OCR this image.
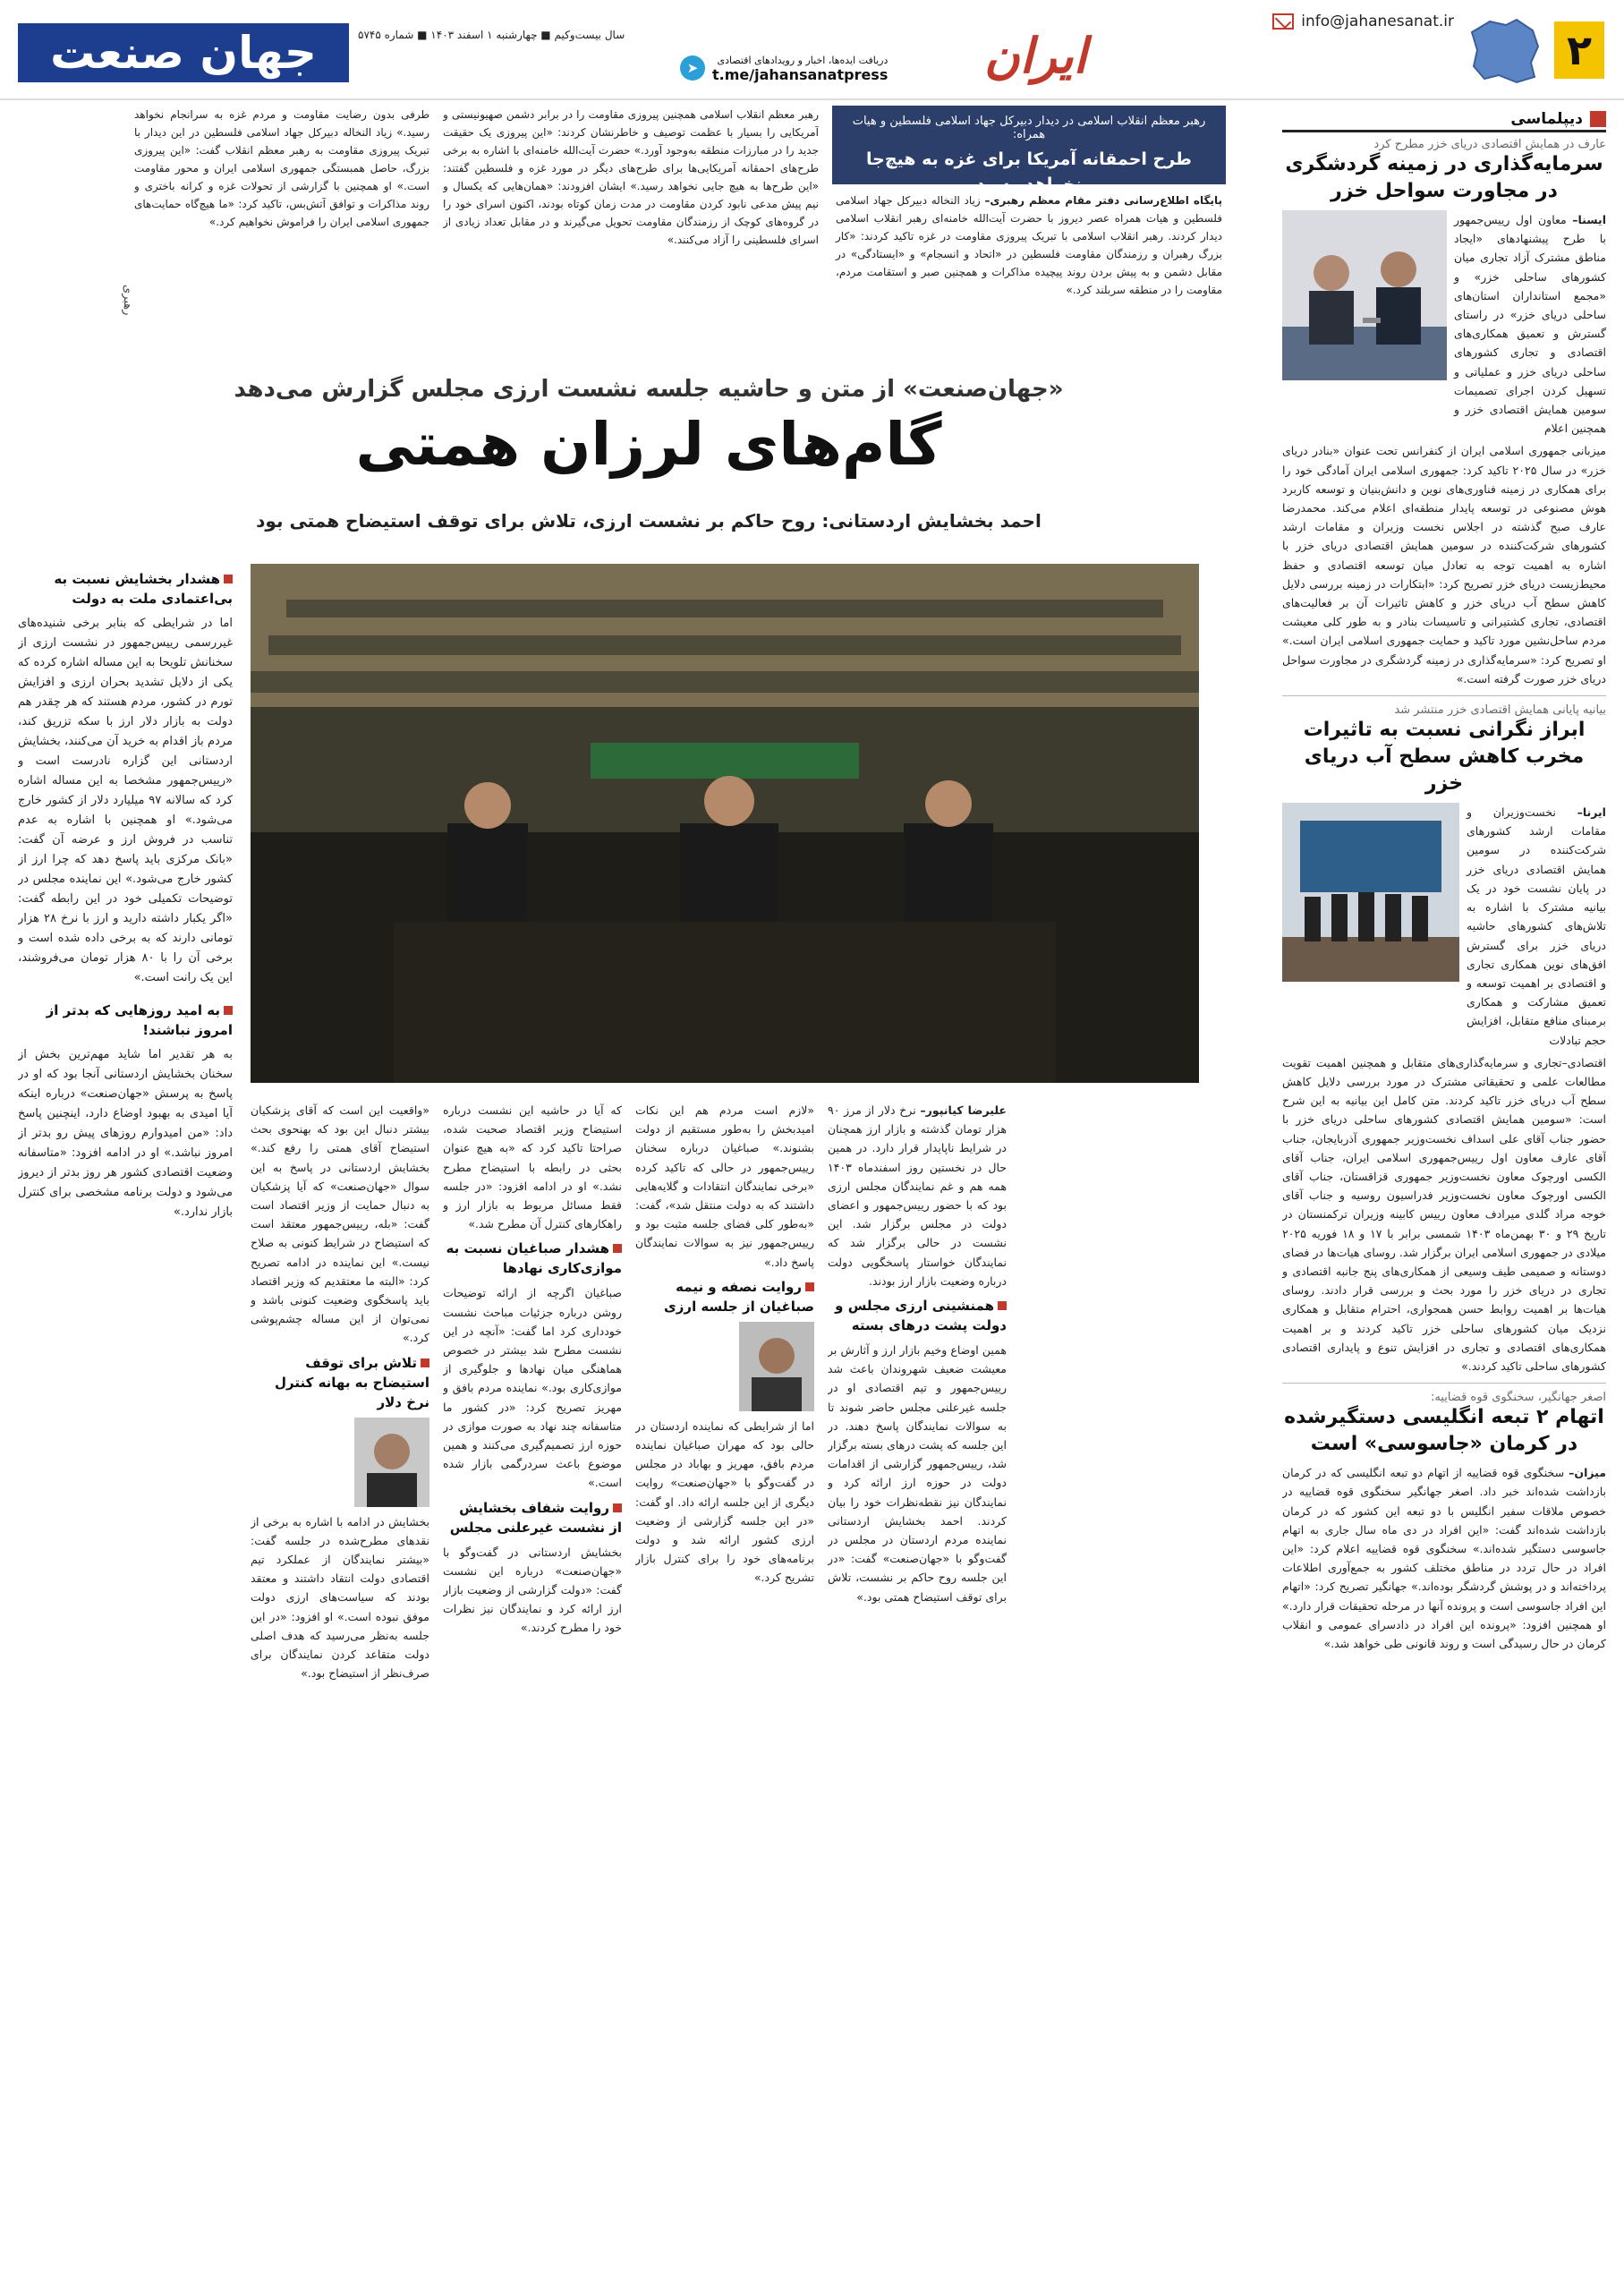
۲
info@jahanesanat.ir
ایران
دریافت ایده‌ها، اخبار و رویدادهای اقتصادی
t.me/jahansanatpress
➤
سال بیست‌وکیم ■ چهارشنبه ۱ اسفند ۱۴۰۳ ■ شماره ۵۷۴۵
جهان صنعت
دیپلماسی
عارف در همایش اقتصادی دریای خزر مطرح کرد
سرمایه‌گذاری در زمینه گردشگری در مجاورت سواحل خزر
ایسنا– معاون اول رییس‌جمهور با طرح پیشنهادهای «ایجاد مناطق مشترک آزاد تجاری میان کشورهای ساحلی خزر» و «مجمع استانداران استان‌های ساحلی دریای خزر» در راستای گسترش و تعمیق همکاری‌های اقتصادی و تجاری کشورهای ساحلی دریای خزر و عملیاتی و تسهیل کردن اجرای تصمیمات سومین همایش اقتصادی خزر و همچنین اعلام
میزبانی جمهوری اسلامی ایران از کنفرانس تحت عنوان «بنادر دریای خزر» در سال ۲۰۲۵ تاکید کرد: جمهوری اسلامی ایران آمادگی خود را برای همکاری در زمینه فناوری‌های نوین و دانش‌بنیان و توسعه کاربرد هوش مصنوعی در توسعه پایدار منطقه‌ای اعلام می‌کند. محمدرضا عارف صبح گذشته در اجلاس نخست وزیران و مقامات ارشد کشورهای شرکت‌کننده در سومین همایش اقتصادی دریای خزر با اشاره به اهمیت توجه به تعادل میان توسعه اقتصادی و حفظ محیط‌زیست دریای خزر تصریح کرد: «ابتکارات در زمینه بررسی دلایل کاهش سطح آب دریای خزر و کاهش تاثیرات آن بر فعالیت‌های اقتصادی، تجاری کشتیرانی و تاسیسات بنادر و به طور کلی معیشت مردم ساحل‌نشین مورد تاکید و حمایت جمهوری اسلامی ایران است.» او تصریح کرد: «سرمایه‌گذاری در زمینه گردشگری در مجاورت سواحل دریای خزر صورت گرفته است.»
بیانیه پایانی همایش اقتصادی خزر منتشر شد
ابراز نگرانی نسبت به تاثیرات مخرب کاهش سطح آب دریای خزر
ایرنا– نخست‌وزیران و مقامات ارشد کشورهای شرکت‌کننده در سومین همایش اقتصادی دریای خزر در پایان نشست خود در یک بیانیه مشترک با اشاره به تلاش‌های کشورهای حاشیه دریای خزر برای گسترش افق‌های نوین همکاری تجاری و اقتصادی بر اهمیت توسعه و تعمیق مشارکت و همکاری برمبنای منافع متقابل، افزایش حجم تبادلات
اقتصادی–تجاری و سرمایه‌گذاری‌های متقابل و همچنین اهمیت تقویت مطالعات علمی و تحقیقاتی مشترک در مورد بررسی دلایل کاهش سطح آب دریای خزر تاکید کردند. متن کامل این بیانیه به این شرح است: «سومین همایش اقتصادی کشورهای ساحلی دریای خزر با حضور جناب آقای علی اسداف نخست‌وزیر جمهوری آذربایجان، جناب آقای عارف معاون اول رییس‌جمهوری اسلامی ایران، جناب آقای الکسی اورچوک معاون نخست‌وزیر جمهوری قزاقستان، جناب آقای الکسی اورچوک معاون نخست‌وزیر فدراسیون روسیه و جناب آقای خوجه مراد گلدی میرادف معاون رییس کابینه وزیران ترکمنستان در تاریخ ۲۹ و ۳۰ بهمن‌ماه ۱۴۰۳ شمسی برابر با ۱۷ و ۱۸ فوریه ۲۰۲۵ میلادی در جمهوری اسلامی ایران برگزار شد. روسای هیات‌ها در فضای دوستانه و صمیمی طیف وسیعی از همکاری‌های پنج جانبه اقتصادی و تجاری در دریای خزر را مورد بحث و بررسی قرار دادند. روسای هیات‌ها بر اهمیت روابط حسن همجواری، احترام متقابل و همکاری نزدیک میان کشورهای ساحلی خزر تاکید کردند و بر اهمیت همکاری‌های اقتصادی و تجاری در افزایش تنوع و پایداری اقتصادی کشورهای ساحلی تاکید کردند.»
اصغر جهانگیر، سخنگوی قوه قضاییه:
اتهام ۲ تبعه انگلیسی دستگیرشده در کرمان «جاسوسی» است
میزان– سخنگوی قوه قضاییه از اتهام دو تبعه انگلیسی که در کرمان بازداشت شده‌اند خبر داد. اصغر جهانگیر سخنگوی قوه قضاییه در خصوص ملاقات سفیر انگلیس با دو تبعه این کشور که در کرمان بازداشت شده‌اند گفت: «این افراد در دی ماه سال جاری به اتهام جاسوسی دستگیر شده‌اند.» سخنگوی قوه قضاییه اعلام کرد: «این افراد در حال تردد در مناطق مختلف کشور به جمع‌آوری اطلاعات پرداخته‌اند و در پوشش گردشگر بوده‌اند.» جهانگیر تصریح کرد: «اتهام این افراد جاسوسی است و پرونده آنها در مرحله تحقیقات قرار دارد.» او همچنین افزود: «پرونده این افراد در دادسرای عمومی و انقلاب کرمان در حال رسیدگی است و روند قانونی طی خواهد شد.»
رهبر معظم انقلاب اسلامی در دیدار دبیرکل جهاد اسلامی فلسطین و هیات همراه:
طرح احمقانه آمریکا برای غزه به هیچ‌جا نخواهد رسید
پایگاه اطلاع‌رسانی دفتر مقام معظم رهبری– زیاد النخاله دبیرکل جهاد اسلامی فلسطین و هیات همراه عصر دیروز با حضرت آیت‌الله خامنه‌ای رهبر انقلاب اسلامی دیدار کردند. رهبر انقلاب اسلامی با تبریک پیروزی مقاومت در غزه تاکید کردند: «کار بزرگ رهبران و رزمندگان مقاومت فلسطین در «اتحاد و انسجام» و «ایستادگی» در مقابل دشمن و به پیش بردن روند پیچیده مذاکرات و همچنین صبر و استقامت مردم، مقاومت را در منطقه سربلند کرد.»
رهبر معظم انقلاب اسلامی همچنین پیروزی مقاومت را در برابر دشمن صهیونیستی و آمریکایی را بسیار با عظمت توصیف و خاطرنشان کردند: «این پیروزی یک حقیقت جدید را در مبارزات منطقه به‌وجود آورد.» حضرت آیت‌الله خامنه‌ای با اشاره به برخی طرح‌های احمقانه آمریکایی‌ها برای طرح‌های دیگر در مورد غزه و فلسطین گفتند: «این طرح‌ها به هیچ جایی نخواهد رسید.» ایشان افزودند: «همان‌هایی که یکسال و نیم پیش مدعی نابود کردن مقاومت در مدت زمان کوتاه بودند، اکنون اسرای خود را در گروه‌های کوچک از رزمندگان مقاومت تحویل می‌گیرند و در مقابل تعداد زیادی از اسرای فلسطینی را آزاد می‌کنند.»
طرفی بدون رضایت مقاومت و مردم غزه به سرانجام نخواهد رسید.» زیاد النخاله دبیرکل جهاد اسلامی فلسطین در این دیدار با تبریک پیروزی مقاومت به رهبر معظم انقلاب گفت: «این پیروزی بزرگ، حاصل همبستگی جمهوری اسلامی ایران و محور مقاومت است.» او همچنین با گزارشی از تحولات غزه و کرانه باختری و روند مذاکرات و توافق آتش‌بس، تاکید کرد: «ما هیچ‌گاه حمایت‌های جمهوری اسلامی ایران را فراموش نخواهیم کرد.»
رهبری
«جهان‌صنعت» از متن و حاشیه جلسه نشست ارزی مجلس گزارش می‌دهد
گام‌های لرزان همتی
احمد بخشایش اردستانی: روح حاکم بر نشست ارزی، تلاش برای توقف استیضاح همتی بود
هشدار بخشایش نسبت به بی‌اعتمادی ملت به دولت
اما در شرایطی که بنابر برخی شنیده‌های غیررسمی رییس‌جمهور در نشست ارزی از سخنانش تلویحا به این مساله اشاره کرده که یکی از دلایل تشدید بحران ارزی و افزایش تورم در کشور، مردم هستند که هر چقدر هم دولت به بازار دلار ارز با سکه تزریق کند، مردم باز اقدام به خرید آن می‌کنند، بخشایش اردستانی این گزاره نادرست است و «رییس‌جمهور مشخصا به این مساله اشاره کرد که سالانه ۹۷ میلیارد دلار از کشور خارج می‌شود.» او همچنین با اشاره به عدم تناسب در فروش ارز و عرضه آن گفت: «بانک مرکزی باید پاسخ دهد که چرا ارز از کشور خارج می‌شود.» این نماینده مجلس در توضیحات تکمیلی خود در این رابطه گفت: «اگر یکبار داشته دارید و ارز با نرخ ۲۸ هزار تومانی دارند که به برخی داده شده است و برخی آن را با ۸۰ هزار تومان می‌فروشند، این یک رانت است.»
به امید روزهایی که بدتر از امروز نباشند!
به هر تقدیر اما شاید مهم‌ترین بخش از سخنان بخشایش اردستانی آنجا بود که او در پاسخ به پرسش «جهان‌صنعت» درباره اینکه آیا امیدی به بهبود اوضاع دارد، اینچنین پاسخ داد: «من امیدوارم روزهای پیش رو بدتر از امروز نباشد.» او در ادامه افزود: «متاسفانه وضعیت اقتصادی کشور هر روز بدتر از دیروز می‌شود و دولت برنامه مشخصی برای کنترل بازار ندارد.»
«واقعیت این است که آقای پزشکیان بیشتر دنبال این بود که بهنحوی بحث استیضاح آقای همتی را رفع کند.» بخشایش اردستانی در پاسخ به این سوال «جهان‌صنعت» که آیا پزشکیان به دنبال حمایت از وزیر اقتصاد است گفت: «بله، رییس‌جمهور معتقد است که استیضاح در شرایط کنونی به صلاح نیست.» این نماینده در ادامه تصریح کرد: «البته ما معتقدیم که وزیر اقتصاد باید پاسخگوی وضعیت کنونی باشد و نمی‌توان از این مساله چشم‌پوشی کرد.»
تلاش برای توقف استیضاح به بهانه کنترل نرخ دلار
بخشایش در ادامه با اشاره به برخی از نقدهای مطرح‌شده در جلسه گفت: «بیشتر نمایندگان از عملکرد تیم اقتصادی دولت انتقاد داشتند و معتقد بودند که سیاست‌های ارزی دولت موفق نبوده است.» او افزود: «در این جلسه به‌نظر می‌رسید که هدف اصلی دولت متقاعد کردن نمایندگان برای صرف‌نظر از استیضاح بود.»
که آیا در حاشیه این نشست درباره استیضاح وزیر اقتصاد صحبت شده، صراحتا تاکید کرد که «به هیچ عنوان بحثی در رابطه با استیضاح مطرح نشد.» او در ادامه افزود: «در جلسه فقط مسائل مربوط به بازار ارز و راهکارهای کنترل آن مطرح شد.»
هشدار صباغیان نسبت به موازی‌کاری نهادها
صباغیان اگرچه از ارائه توضیحات روشن درباره جزئیات مباحث نشست خودداری کرد اما گفت: «آنچه در این نشست مطرح شد بیشتر در خصوص هماهنگی میان نهادها و جلوگیری از موازی‌کاری بود.» نماینده مردم بافق و مهریز تصریح کرد: «در کشور ما متاسفانه چند نهاد به صورت موازی در حوزه ارز تصمیم‌گیری می‌کنند و همین موضوع باعث سردرگمی بازار شده است.»
روایت شفاف بخشایش از نشست غیرعلنی مجلس
بخشایش اردستانی در گفت‌وگو با «جهان‌صنعت» درباره این نشست گفت: «دولت گزارشی از وضعیت بازار ارز ارائه کرد و نمایندگان نیز نظرات خود را مطرح کردند.»
«لازم است مردم هم این نکات امیدبخش را به‌طور مستقیم از دولت بشنوند.» صباغیان درباره سخنان رییس‌جمهور در حالی که تاکید کرده «برخی نمایندگان انتقادات و گلایه‌هایی داشتند که به دولت منتقل شد»، گفت: «به‌طور کلی فضای جلسه مثبت بود و رییس‌جمهور نیز به سوالات نمایندگان پاسخ داد.»
روایت نصفه و نیمه صباغیان از جلسه ارزی
اما از شرایطی که نماینده اردستان در حالی بود که مهران صباغیان نماینده مردم بافق، مهریز و بهاباد در مجلس در گفت‌وگو با «جهان‌صنعت» روایت دیگری از این جلسه ارائه داد. او گفت: «در این جلسه گزارشی از وضعیت ارزی کشور ارائه شد و دولت برنامه‌های خود را برای کنترل بازار تشریح کرد.»
علیرضا کیانپور– نرخ دلار از مرز ۹۰ هزار تومان گذشته و بازار ارز همچنان در شرایط ناپایدار قرار دارد. در همین حال در نخستین روز اسفندماه ۱۴۰۳ همه هم و غم نمایندگان مجلس ارزی بود که با حضور رییس‌جمهور و اعضای دولت در مجلس برگزار شد. این نشست در حالی برگزار شد که نمایندگان خواستار پاسخگویی دولت درباره وضعیت بازار ارز بودند.
همنشینی ارزی مجلس و دولت پشت درهای بسته
همین اوضاع وخیم بازار ارز و آثارش بر معیشت ضعیف شهروندان باعث شد رییس‌جمهور و تیم اقتصادی او در جلسه غیرعلنی مجلس حاضر شوند تا به سوالات نمایندگان پاسخ دهند. در این جلسه که پشت درهای بسته برگزار شد، رییس‌جمهور گزارشی از اقدامات دولت در حوزه ارز ارائه کرد و نمایندگان نیز نقطه‌نظرات خود را بیان کردند. احمد بخشایش اردستانی نماینده مردم اردستان در مجلس در گفت‌وگو با «جهان‌صنعت» گفت: «در این جلسه روح حاکم بر نشست، تلاش برای توقف استیضاح همتی بود.»
